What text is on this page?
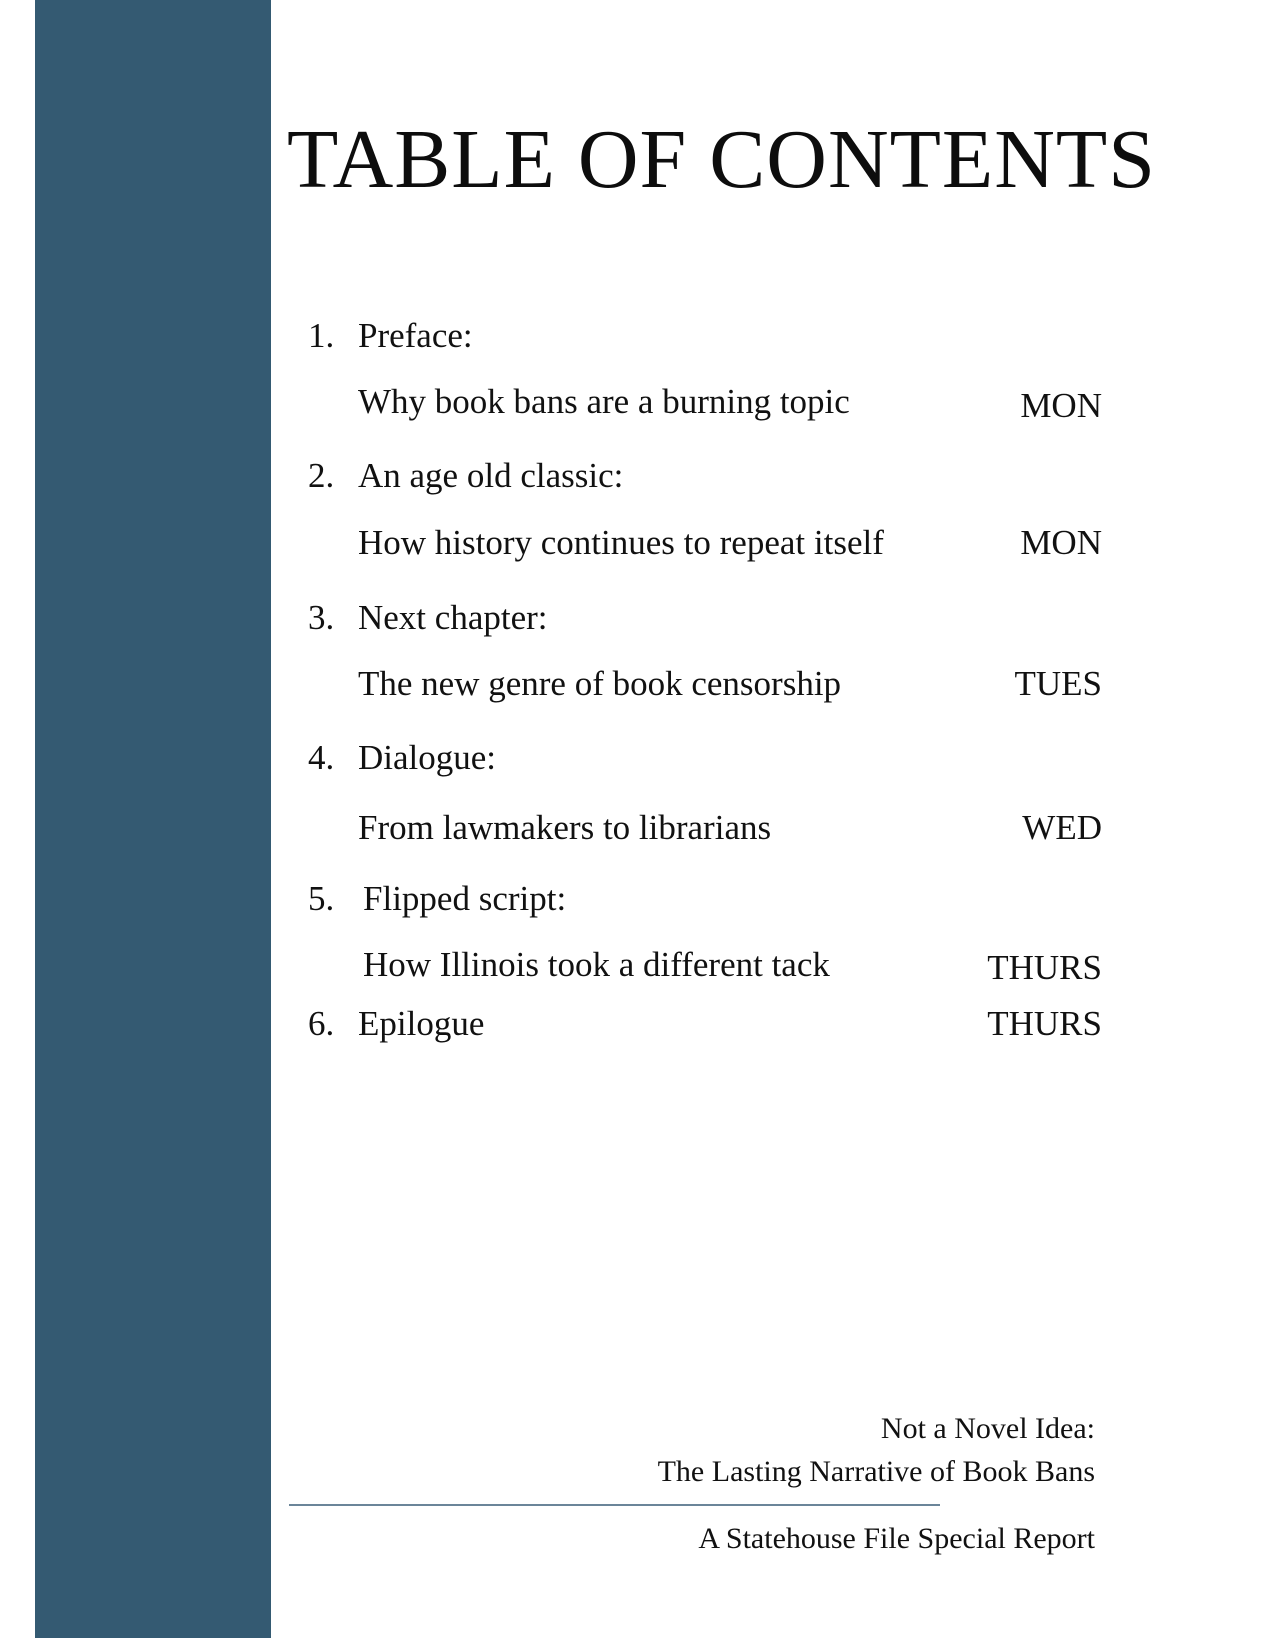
TABLE OF CONTENTS
1. Preface:
Why book bans are a burning topic	MON
2. An age old classic:
How history continues to repeat itself	MON
3. Next chapter:
The new genre of book censorship	TUES
4. Dialogue:
From lawmakers to librarians	WED
5. Flipped script:
How Illinois took a different tack	THURS
6. Epilogue	THURS
Not a Novel Idea:
The Lasting Narrative of Book Bans
A Statehouse File Special Report
